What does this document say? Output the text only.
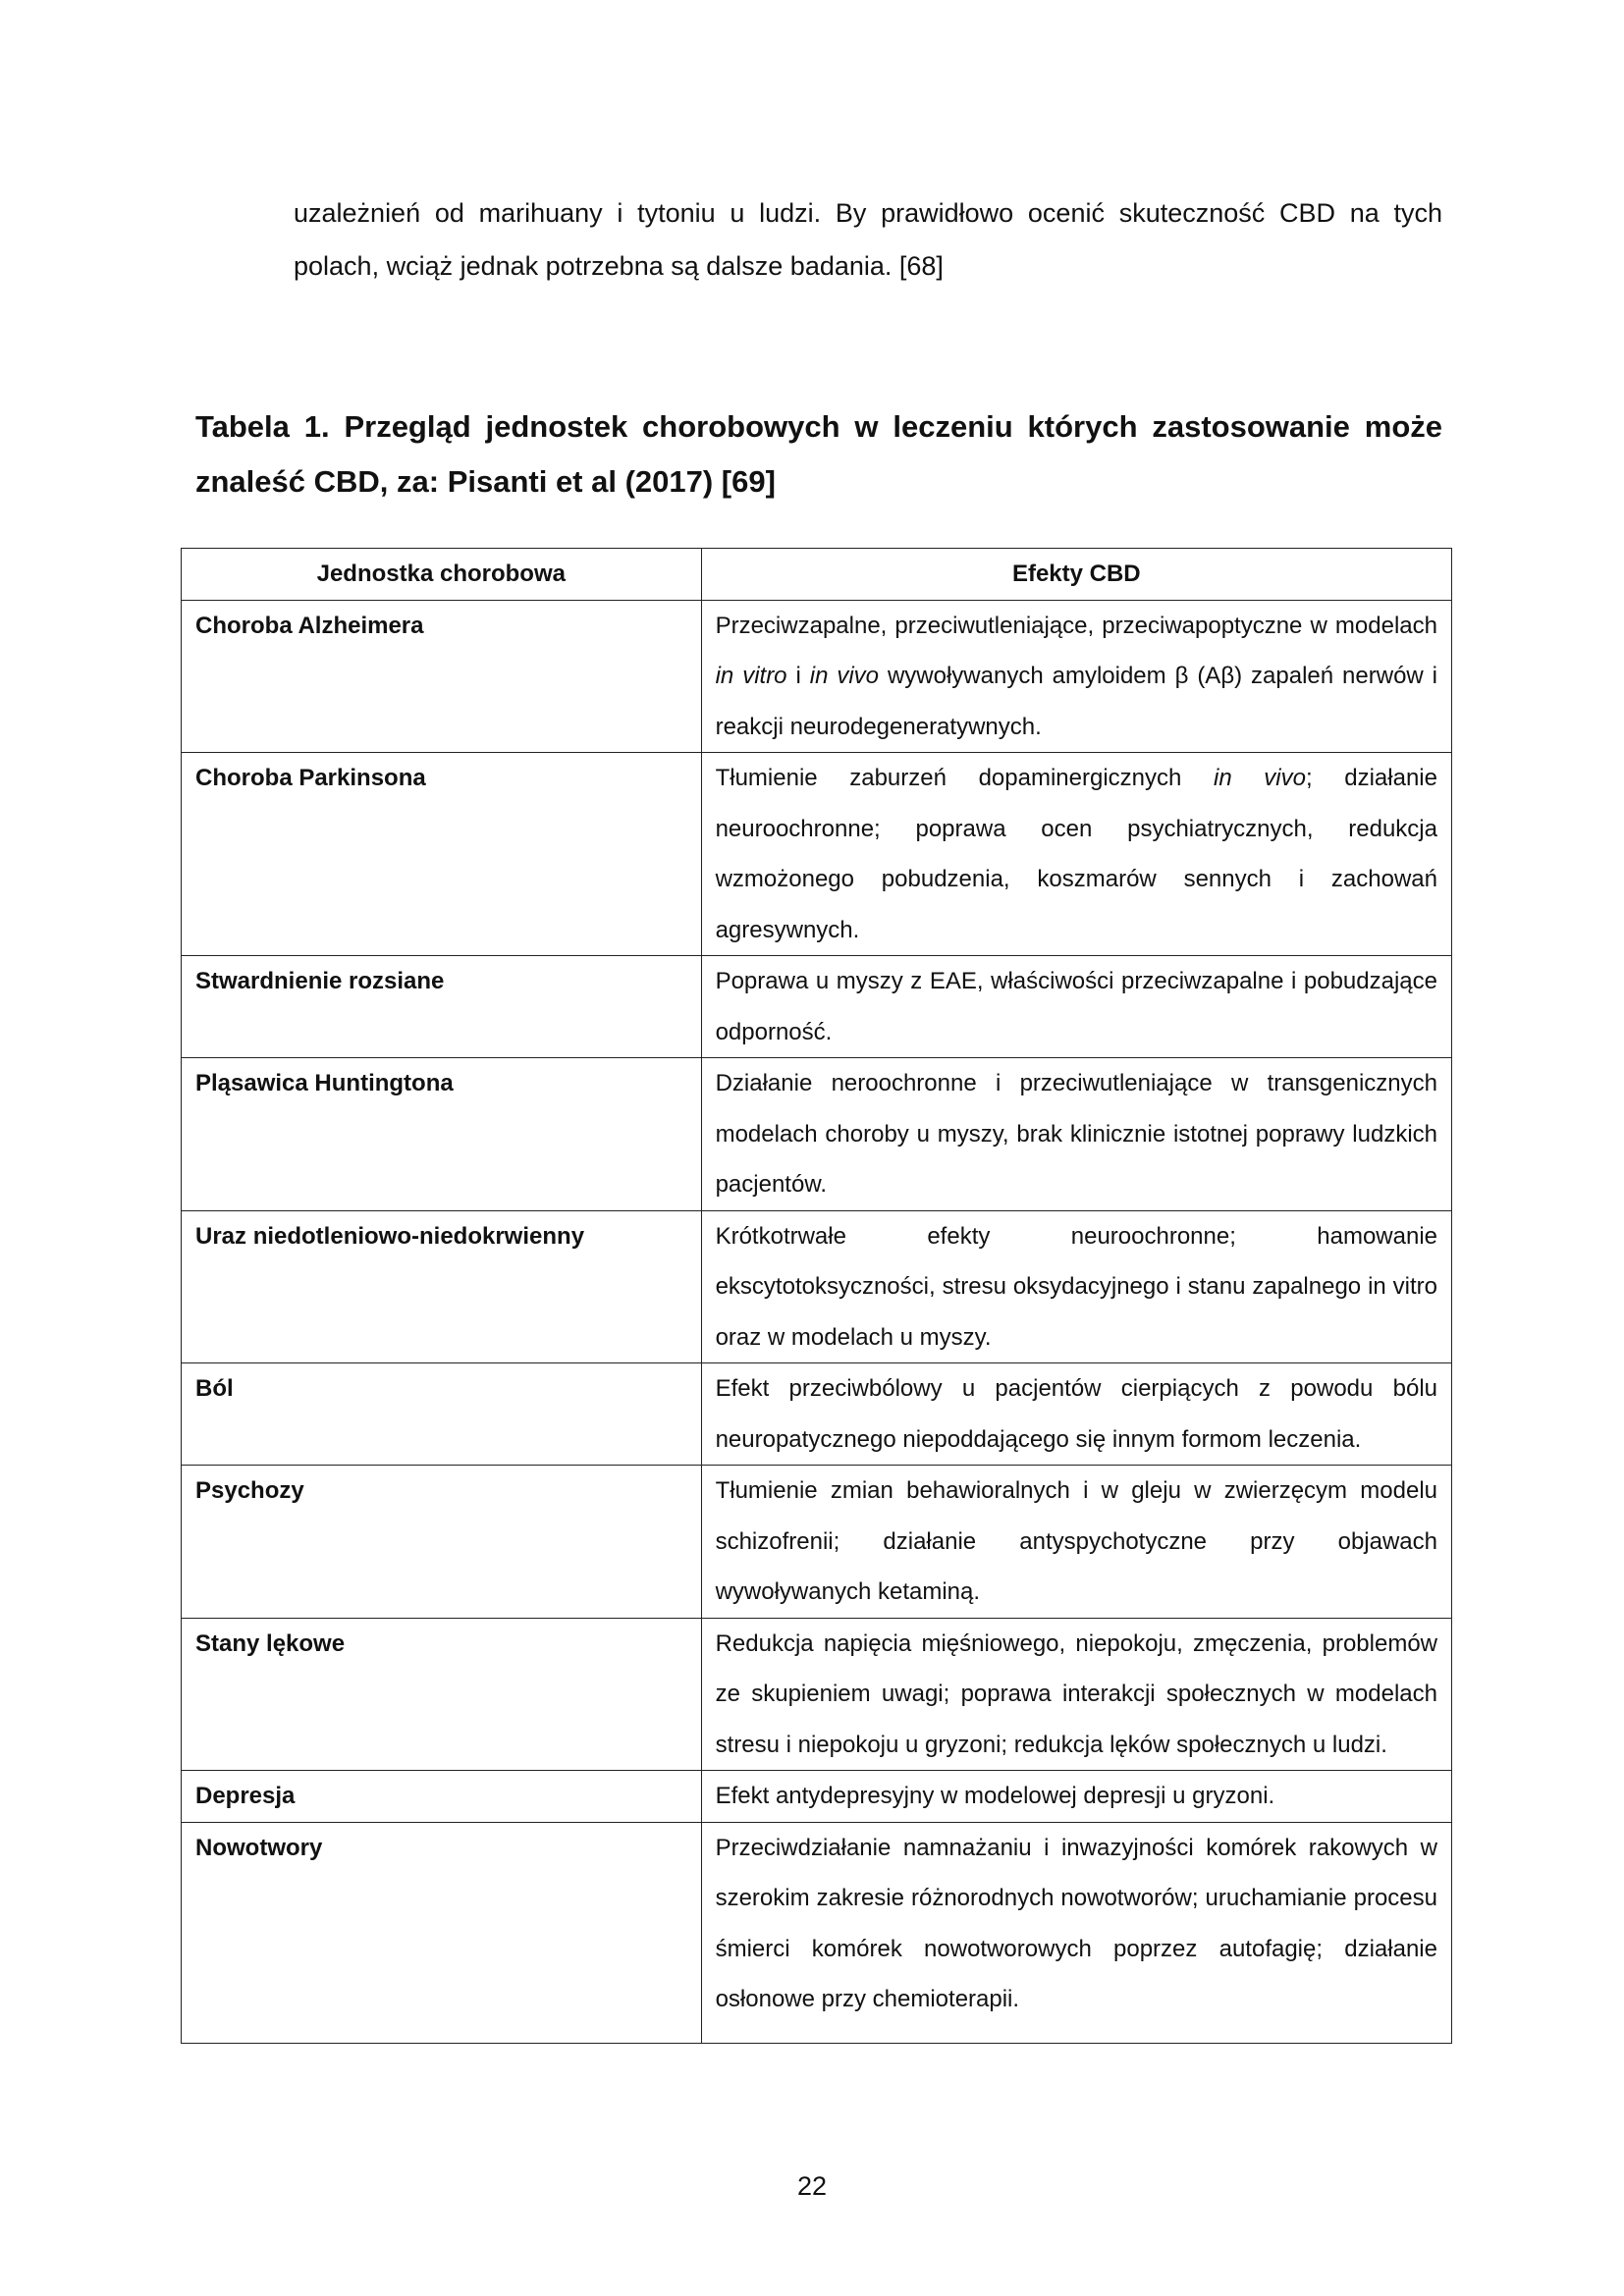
uzależnień od marihuany i tytoniu u ludzi. By prawidłowo ocenić skuteczność CBD na tych polach, wciąż jednak potrzebna są dalsze badania. [68]

Tabela 1. Przegląd jednostek chorobowych w leczeniu których zastosowanie może znaleść CBD, za: Pisanti et al (2017) [69]

Jednostka chorobowa	Efekty CBD
Choroba Alzheimera	Przeciwzapalne, przeciwutleniające, przeciwapoptyczne w modelach in vitro i in vivo wywoływanych amyloidem β (Aβ) zapaleń nerwów i reakcji neurodegeneratywnych.
Choroba Parkinsona	Tłumienie zaburzeń dopaminergicznych in vivo; działanie neuroochronne; poprawa ocen psychiatrycznych, redukcja wzmożonego pobudzenia, koszmarów sennych i zachowań agresywnych.
Stwardnienie rozsiane	Poprawa u myszy z EAE, właściwości przeciwzapalne i pobudzające odporność.
Pląsawica Huntingtona	Działanie neroochronne i przeciwutleniające w transgenicznych modelach choroby u myszy, brak klinicznie istotnej poprawy ludzkich pacjentów.
Uraz niedotleniowo-niedokrwienny	Krótkotrwałe efekty neuroochronne; hamowanie ekscytotoksyczności, stresu oksydacyjnego i stanu zapalnego in vitro oraz w modelach u myszy.
Ból	Efekt przeciwbólowy u pacjentów cierpiących z powodu bólu neuropatycznego niepoddającego się innym formom leczenia.
Psychozy	Tłumienie zmian behawioralnych i w gleju w zwierzęcym modelu schizofrenii; działanie antyspychotyczne przy objawach wywoływanych ketaminą.
Stany lękowe	Redukcja napięcia mięśniowego, niepokoju, zmęczenia, problemów ze skupieniem uwagi; poprawa interakcji społecznych w modelach stresu i niepokoju u gryzoni; redukcja lęków społecznych u ludzi.
Depresja	Efekt antydepresyjny w modelowej depresji u gryzoni.
Nowotwory	Przeciwdziałanie namnażaniu i inwazyjności komórek rakowych w szerokim zakresie różnorodnych nowotworów; uruchamianie procesu śmierci komórek nowotworowych poprzez autofagię; działanie osłonowe przy chemioterapii.

22
